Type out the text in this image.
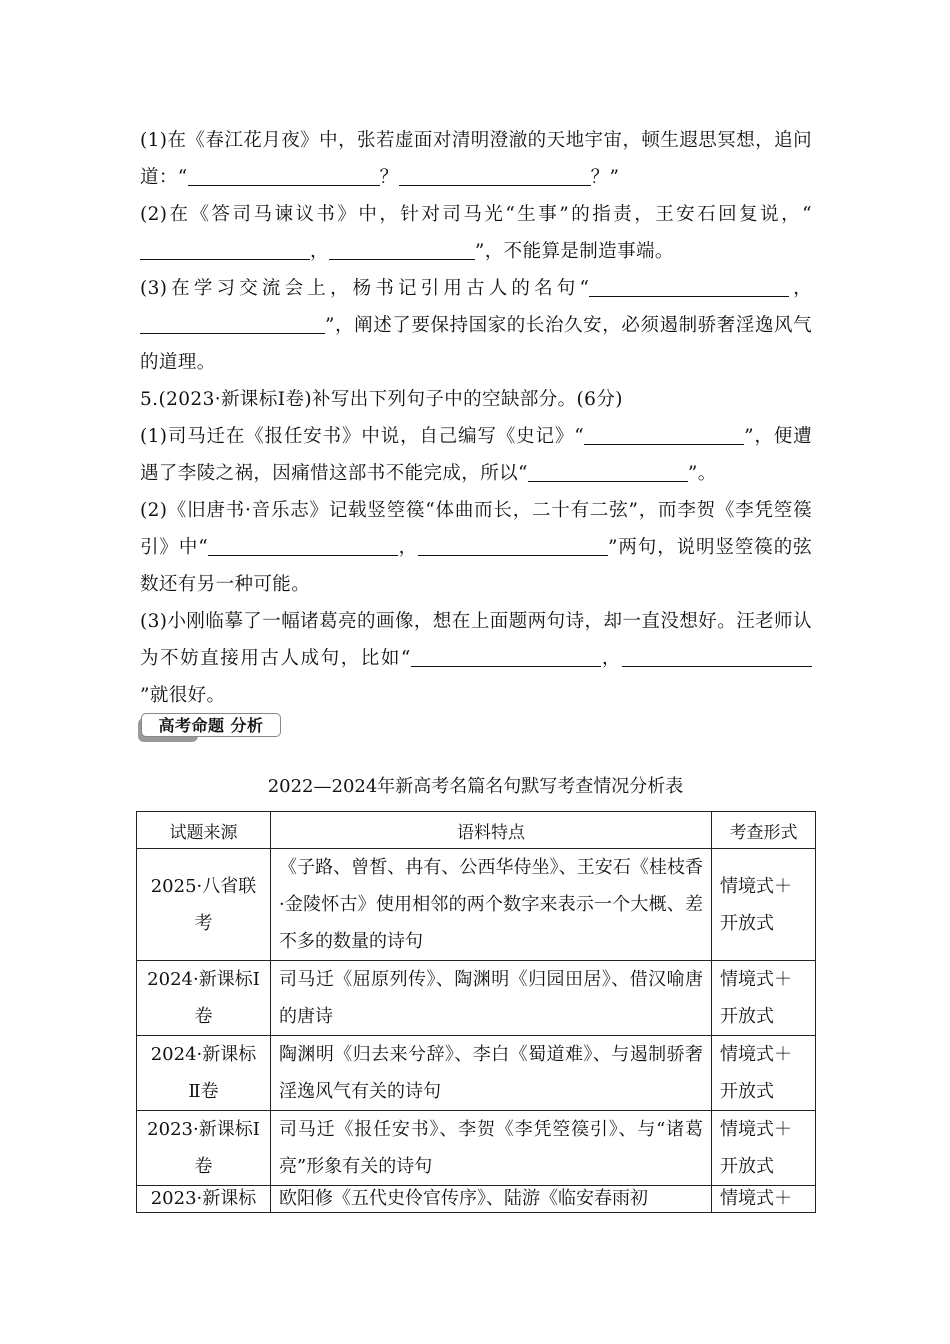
(1)在《春江花月夜》中，张若虚面对清明澄澈的天地宇宙，顿生遐思冥想，追问道：“	？	？”
(2)在《答司马谏议书》中，针对司马光“生事”的指责，王安石回复说，“，	”，不能算是制造事端。
(3)在学习交流会上，杨书记引用古人的名句“	，”，阐述了要保持国家的长治久安，必须遏制骄奢淫逸风气的道理。
5.(2023·新课标Ⅰ卷)补写出下列句子中的空缺部分。(6分)
(1)司马迁在《报任安书》中说，自己编写《史记》“	”，便遭遇了李陵之祸，因痛惜这部书不能完成，所以“	”。
(2)《旧唐书·音乐志》记载竖箜篌“体曲而长，二十有二弦”，而李贺《李凭箜篌引》中“	，	”两句，说明竖箜篌的弦数还有另一种可能。
(3)小刚临摹了一幅诸葛亮的画像，想在上面题两句诗，却一直没想好。汪老师认为不妨直接用古人成句，比如“	，”就很好。
高考命题 分析
2022—2024年新高考名篇名句默写考查情况分析表
试题来源	语料特点	考查形式
2025·八省联考	《子路、曾皙、冉有、公西华侍坐》、王安石《桂枝香·金陵怀古》使用相邻的两个数字来表示一个大概、差不多的数量的诗句	情境式＋开放式
2024·新课标Ⅰ卷	司马迁《屈原列传》、陶渊明《归园田居》、借汉喻唐的唐诗	情境式＋开放式
2024·新课标Ⅱ卷	陶渊明《归去来兮辞》、李白《蜀道难》、与遏制骄奢淫逸风气有关的诗句	情境式＋开放式
2023·新课标Ⅰ卷	司马迁《报任安书》、李贺《李凭箜篌引》、与“诸葛亮”形象有关的诗句	情境式＋开放式
2023·新课标	欧阳修《五代史伶官传序》、陆游《临安春雨初	情境式＋
